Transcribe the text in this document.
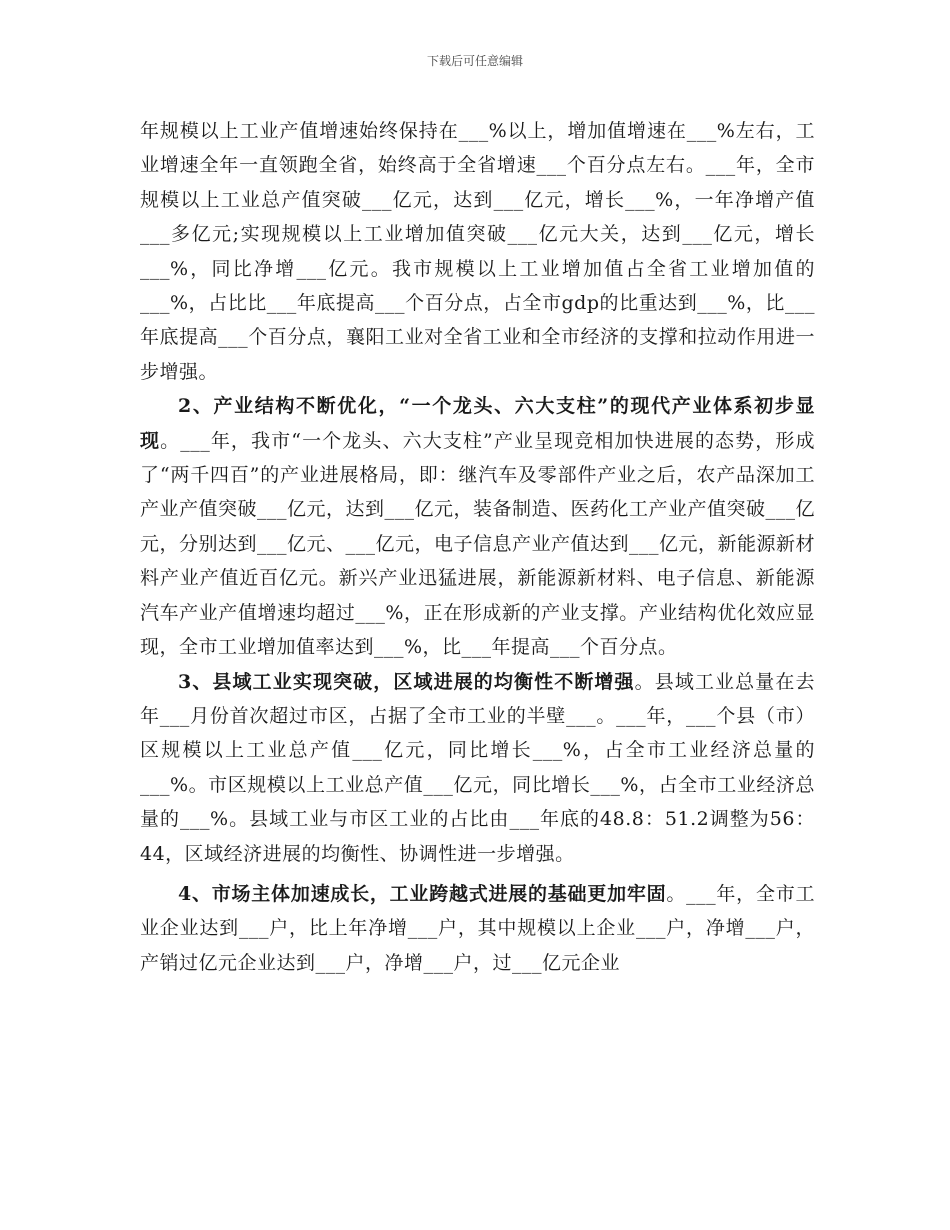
下载后可任意编辑

年规模以上工业产值增速始终保持在___%以上，增加值增速在___%左右，工业增速全年一直领跑全省，始终高于全省增速___个百分点左右。___年，全市规模以上工业总产值突破___亿元，达到___亿元，增长___%，一年净增产值___多亿元;实现规模以上工业增加值突破___亿元大关，达到___亿元，增长___%，同比净增___亿元。我市规模以上工业增加值占全省工业增加值的___%，占比比___年底提高___个百分点，占全市gdp的比重达到___%，比___年底提高___个百分点，襄阳工业对全省工业和全市经济的支撑和拉动作用进一步增强。

2、产业结构不断优化，“一个龙头、六大支柱”的现代产业体系初步显现。___年，我市“一个龙头、六大支柱”产业呈现竞相加快进展的态势，形成了“两千四百”的产业进展格局，即：继汽车及零部件产业之后，农产品深加工产业产值突破___亿元，达到___亿元，装备制造、医药化工产业产值突破___亿元，分别达到___亿元、___亿元，电子信息产业产值达到___亿元，新能源新材料产业产值近百亿元。新兴产业迅猛进展，新能源新材料、电子信息、新能源汽车产业产值增速均超过___%，正在形成新的产业支撑。产业结构优化效应显现，全市工业增加值率达到___%，比___年提高___个百分点。

3、县域工业实现突破，区域进展的均衡性不断增强。县域工业总量在去年___月份首次超过市区，占据了全市工业的半壁___。___年，___个县（市）区规模以上工业总产值___亿元，同比增长___%，占全市工业经济总量的___%。市区规模以上工业总产值___亿元，同比增长___%，占全市工业经济总量的___%。县域工业与市区工业的占比由___年底的48.8：51.2调整为56：44，区域经济进展的均衡性、协调性进一步增强。

4、市场主体加速成长，工业跨越式进展的基础更加牢固。___年，全市工业企业达到___户，比上年净增___户，其中规模以上企业___户，净增___户，产销过亿元企业达到___户，净增___户，过___亿元企业
